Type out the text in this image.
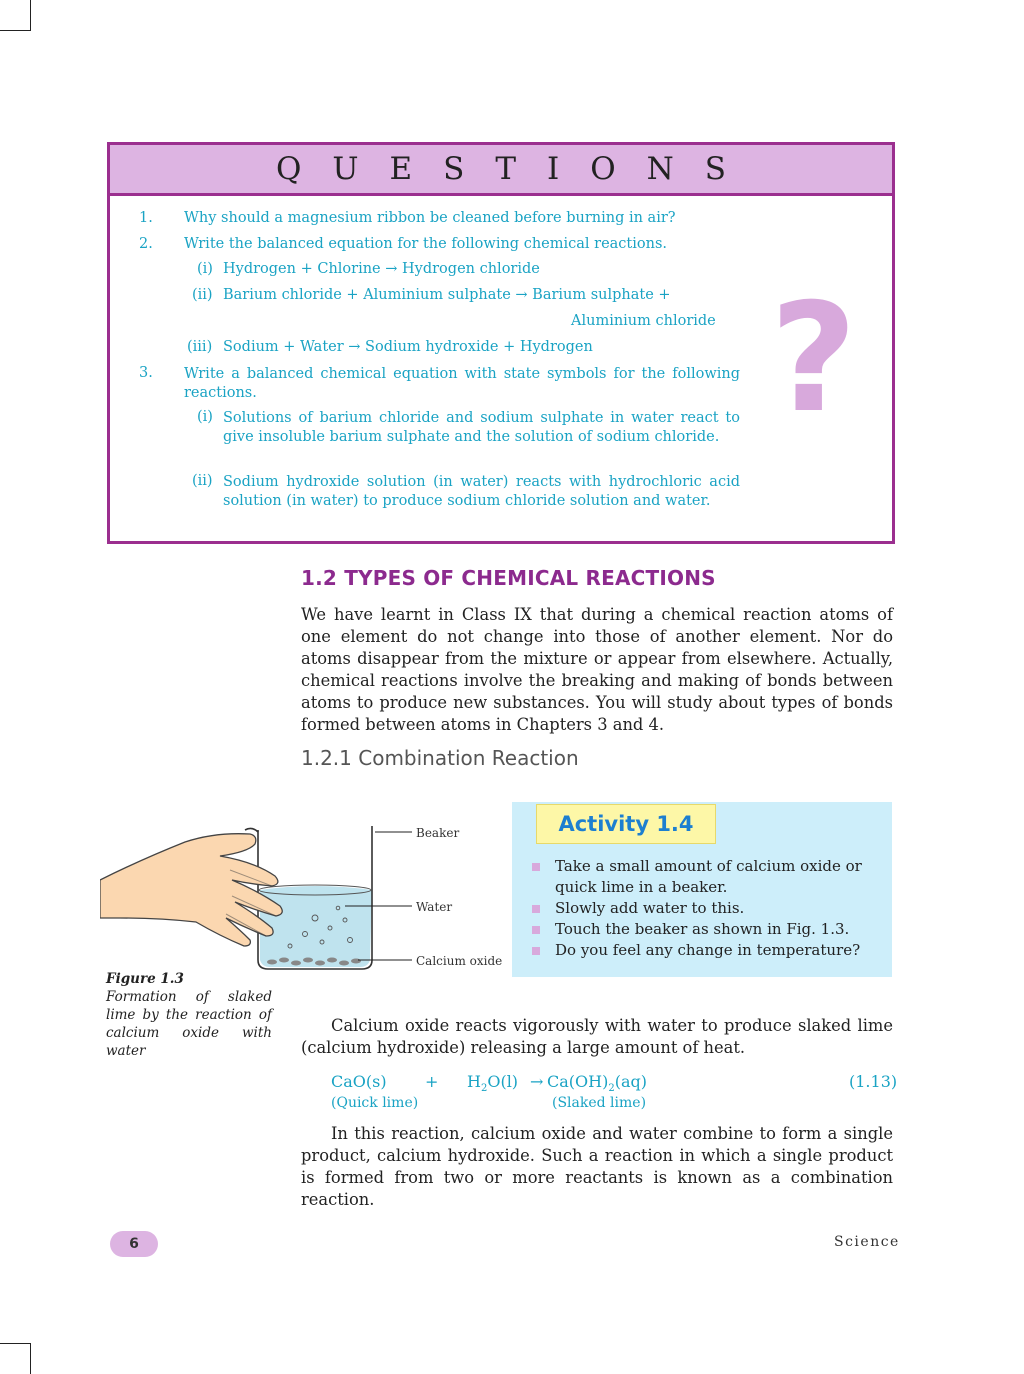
QUESTIONS
1. Why should a magnesium ribbon be cleaned before burning in air?
2. Write the balanced equation for the following chemical reactions.
(i) Hydrogen + Chlorine → Hydrogen chloride
(ii) Barium chloride + Aluminium sulphate → Barium sulphate +
Aluminium chloride
(iii) Sodium + Water → Sodium hydroxide + Hydrogen
3. Write a balanced chemical equation with state symbols for the following reactions.
(i) Solutions of barium chloride and sodium sulphate in water react to give insoluble barium sulphate and the solution of sodium chloride.
(ii) Sodium hydroxide solution (in water) reacts with hydrochloric acid solution (in water) to produce sodium chloride solution and water.
?
1.2 TYPES OF CHEMICAL REACTIONS
We have learnt in Class IX that during a chemical reaction atoms of one element do not change into those of another element. Nor do atoms disappear from the mixture or appear from elsewhere. Actually, chemical reactions involve the breaking and making of bonds between atoms to produce new substances. You will study about types of bonds formed between atoms in Chapters 3 and 4.
1.2.1 Combination Reaction
Beaker
Water
Calcium oxide
Figure 1.3
Formation of slaked lime by the reaction of calcium oxide with water
Activity 1.4
Take a small amount of calcium oxide or quick lime in a beaker.
Slowly add water to this.
Touch the beaker as shown in Fig. 1.3.
Do you feel any change in temperature?
Calcium oxide reacts vigorously with water to produce slaked lime (calcium hydroxide) releasing a large amount of heat.
$CaO(s) + H_2O(l) \to Ca(OH)_2(aq)$	(1.13)
(Quick lime)	(Slaked lime)
In this reaction, calcium oxide and water combine to form a single product, calcium hydroxide. Such a reaction in which a single product is formed from two or more reactants is known as a combination reaction.
6	Science
